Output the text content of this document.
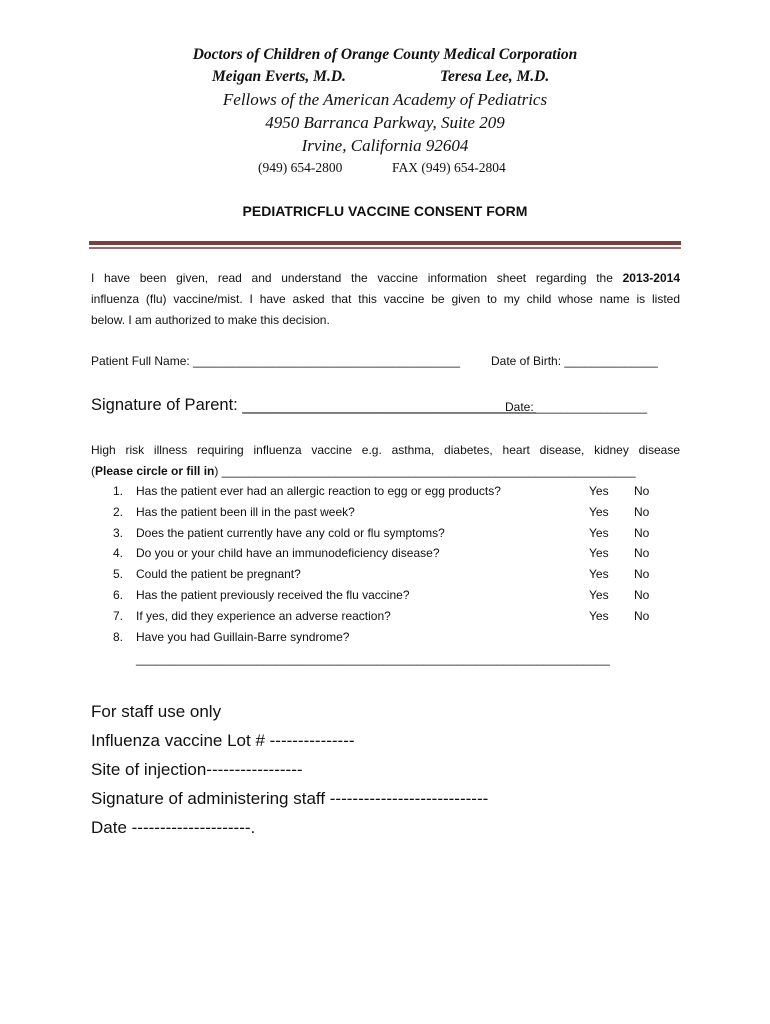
Doctors of Children of Orange County Medical Corporation
Meigan Everts, M.D.	Teresa Lee, M.D.
Fellows of the American Academy of Pediatrics
4950 Barranca Parkway, Suite 209
Irvine, California 92604
(949) 654-2800	FAX (949) 654-2804
PEDIATRICFLU VACCINE CONSENT FORM
I have been given, read and understand the vaccine information sheet regarding the 2013-2014
influenza (flu) vaccine/mist. I have asked that this vaccine be given to my child whose name is listed
below. I am authorized to make this decision.
Patient Full Name: ________________________________________	Date of Birth: ______________
Signature of Parent: ________________________________
Date:_________________
High risk illness requiring influenza vaccine e.g. asthma, diabetes, heart disease, kidney disease
(Please circle or fill in) ______________________________________________________________
1. Has the patient ever had an allergic reaction to egg or egg products?	Yes No
2. Has the patient been ill in the past week?	Yes No
3. Does the patient currently have any cold or flu symptoms?	Yes No
4. Do you or your child have an immunodeficiency disease?	Yes No
5. Could the patient be pregnant?	Yes No
6. Has the patient previously received the flu vaccine?	Yes No
7. If yes, did they experience an adverse reaction?	Yes No
8. Have you had Guillain-Barre syndrome?
_______________________________________________________________________
For staff use only
Influenza vaccine Lot # ---------------
Site of injection-----------------
Signature of administering staff ----------------------------
Date ---------------------.
